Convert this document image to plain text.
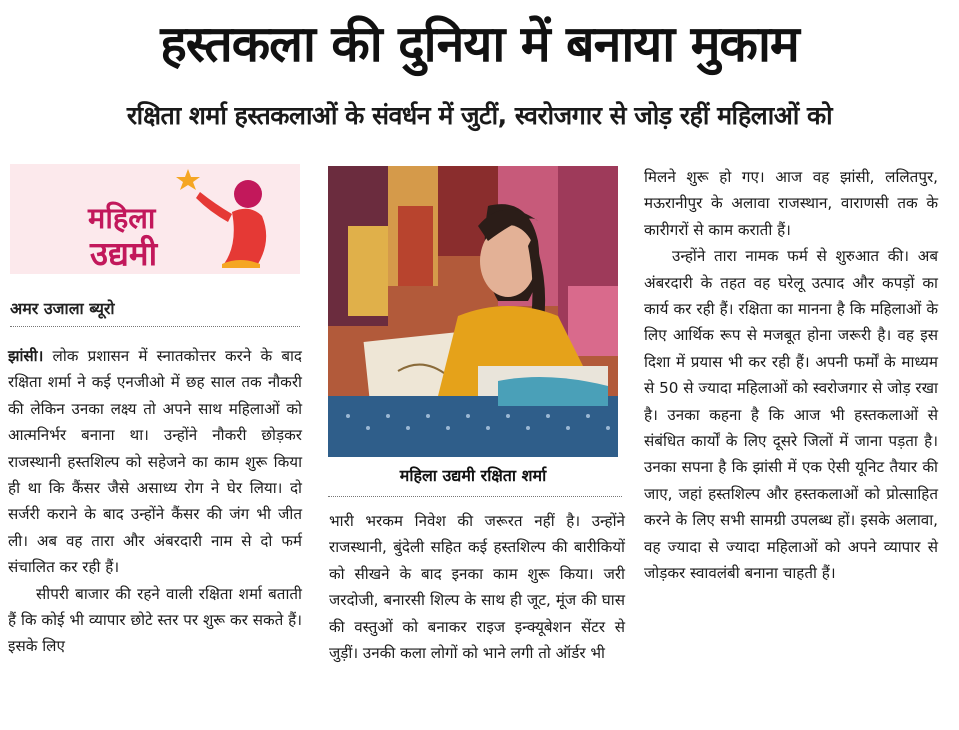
हस्तकला की दुनिया में बनाया मुकाम
रक्षिता शर्मा हस्तकलाओं के संवर्धन में जुटीं, स्वरोजगार से जोड़ रहीं महिलाओं को
महिला
उद्यमी
अमर उजाला ब्यूरो
महिला उद्यमी रक्षिता शर्मा

झांसी। लोक प्रशासन में स्नातकोत्तर करने के बाद रक्षिता शर्मा ने कई एनजीओ में छह साल तक नौकरी की लेकिन उनका लक्ष्य तो अपने साथ महिलाओं को आत्मनिर्भर बनाना था। उन्होंने नौकरी छोड़कर राजस्थानी हस्तशिल्प को सहेजने का काम शुरू किया ही था कि कैंसर जैसे असाध्य रोग ने घेर लिया। दो सर्जरी कराने के बाद उन्होंने कैंसर की जंग भी जीत ली। अब वह तारा और अंबरदारी नाम से दो फर्म संचालित कर रही हैं।

सीपरी बाजार की रहने वाली रक्षिता शर्मा बताती हैं कि कोई भी व्यापार छोटे स्तर पर शुरू कर सकते हैं। इसके लिए

भारी भरकम निवेश की जरूरत नहीं है। उन्होंने राजस्थानी, बुंदेली सहित कई हस्तशिल्प की बारीकियों को सीखने के बाद इनका काम शुरू किया। जरी जरदोजी, बनारसी शिल्प के साथ ही जूट, मूंज की घास की वस्तुओं को बनाकर राइज इन्क्यूबेशन सेंटर से जुड़ीं। उनकी कला लोगों को भाने लगी तो ऑर्डर भी

मिलने शुरू हो गए। आज वह झांसी, ललितपुर, मऊरानीपुर के अलावा राजस्थान, वाराणसी तक के कारीगरों से काम कराती हैं।

उन्होंने तारा नामक फर्म से शुरुआत की। अब अंबरदारी के तहत वह घरेलू उत्पाद और कपड़ों का कार्य कर रही हैं। रक्षिता का मानना है कि महिलाओं के लिए आर्थिक रूप से मजबूत होना जरूरी है। वह इस दिशा में प्रयास भी कर रही हैं। अपनी फर्मों के माध्यम से 50 से ज्यादा महिलाओं को स्वरोजगार से जोड़ रखा है। उनका कहना है कि आज भी हस्तकलाओं से संबंधित कार्यों के लिए दूसरे जिलों में जाना पड़ता है। उनका सपना है कि झांसी में एक ऐसी यूनिट तैयार की जाए, जहां हस्तशिल्प और हस्तकलाओं को प्रोत्साहित करने के लिए सभी सामग्री उपलब्ध हों। इसके अलावा, वह ज्यादा से ज्यादा महिलाओं को अपने व्यापार से जोड़कर स्वावलंबी बनाना चाहती हैं।
